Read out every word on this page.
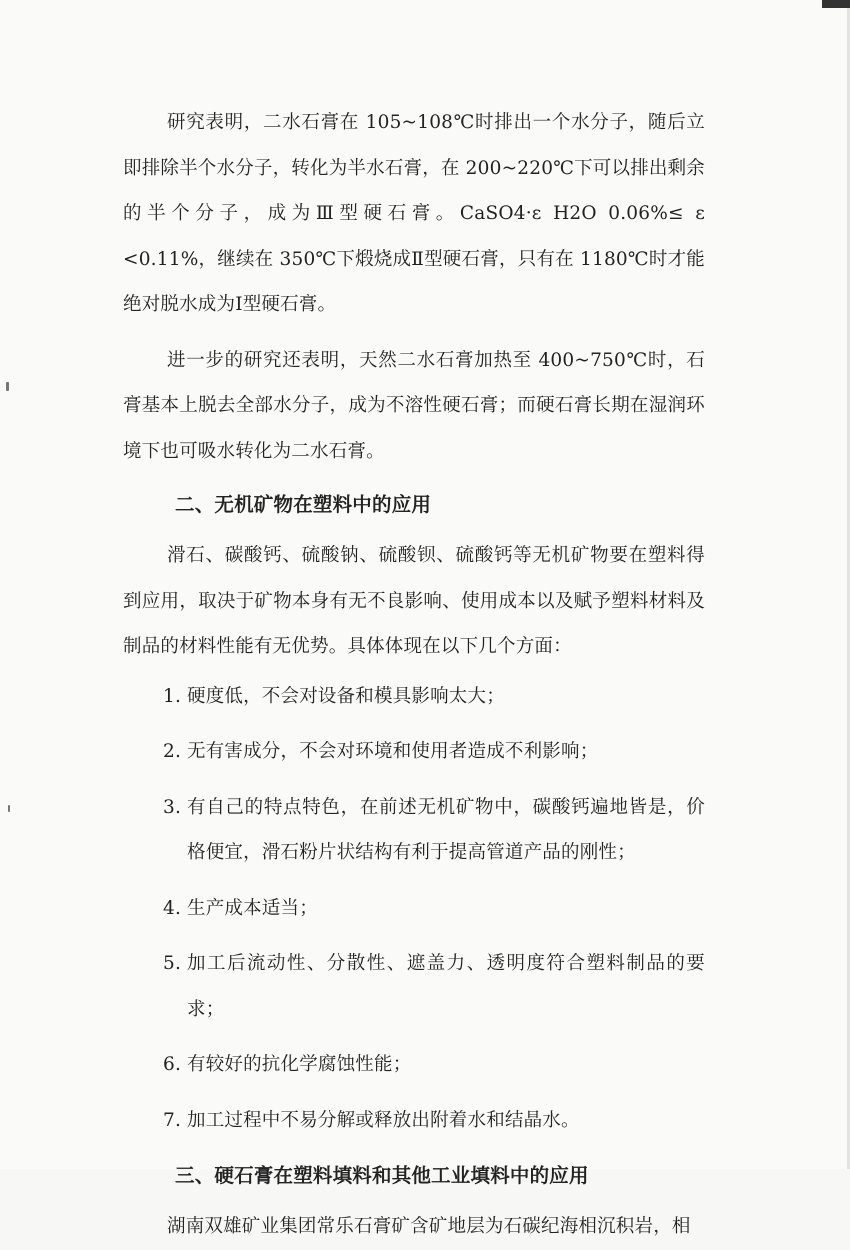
研究表明，二水石膏在 105~108℃时排出一个水分子，随后立即排除半个水分子，转化为半水石膏，在 200~220℃下可以排出剩余的半个分子，成为Ⅲ型硬石膏。CaSO4·ε H2O 0.06%≤ ε <0.11%，继续在 350℃下煅烧成Ⅱ型硬石膏，只有在 1180℃时才能绝对脱水成为Ⅰ型硬石膏。

进一步的研究还表明，天然二水石膏加热至 400~750℃时，石膏基本上脱去全部水分子，成为不溶性硬石膏；而硬石膏长期在湿润环境下也可吸水转化为二水石膏。

二、无机矿物在塑料中的应用

滑石、碳酸钙、硫酸钠、硫酸钡、硫酸钙等无机矿物要在塑料得到应用，取决于矿物本身有无不良影响、使用成本以及赋予塑料材料及制品的材料性能有无优势。具体体现在以下几个方面：

1. 硬度低，不会对设备和模具影响太大；
2. 无有害成分，不会对环境和使用者造成不利影响；
3. 有自己的特点特色，在前述无机矿物中，碳酸钙遍地皆是，价格便宜，滑石粉片状结构有利于提高管道产品的刚性；
4. 生产成本适当；
5. 加工后流动性、分散性、遮盖力、透明度符合塑料制品的要求；
6. 有较好的抗化学腐蚀性能；
7. 加工过程中不易分解或释放出附着水和结晶水。
三、硬石膏在塑料填料和其他工业填料中的应用

湖南双雄矿业集团常乐石膏矿含矿地层为石碳纪海相沉积岩，相
